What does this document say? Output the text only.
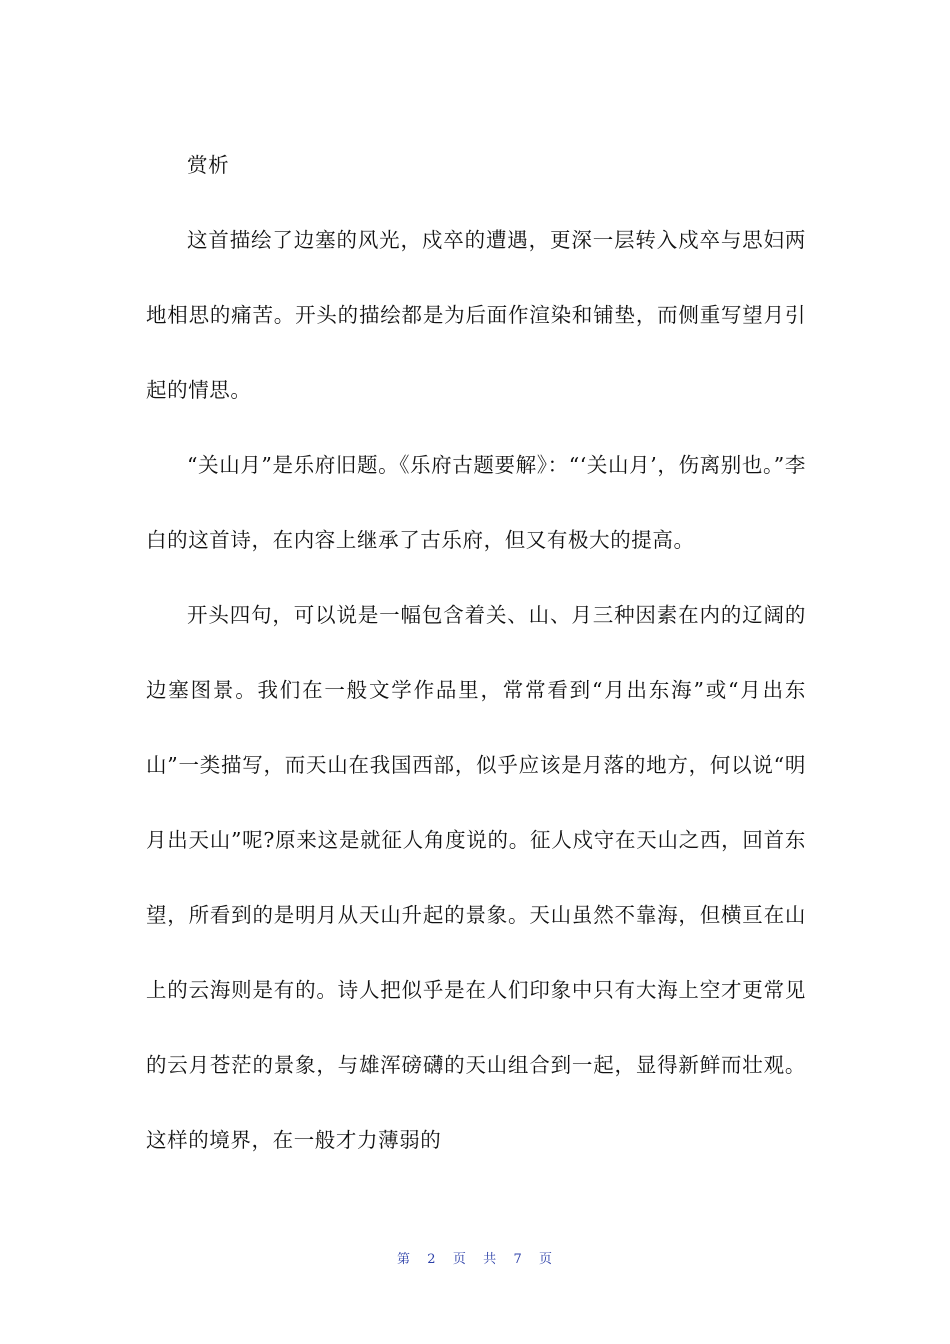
赏析

这首描绘了边塞的风光，戍卒的遭遇，更深一层转入戍卒与思妇两地相思的痛苦。开头的描绘都是为后面作渲染和铺垫，而侧重写望月引起的情思。

“关山月”是乐府旧题。《乐府古题要解》：“‘关山月’，伤离别也。”李白的这首诗，在内容上继承了古乐府，但又有极大的提高。

开头四句，可以说是一幅包含着关、山、月三种因素在内的辽阔的边塞图景。我们在一般文学作品里，常常看到“月出东海”或“月出东山”一类描写，而天山在我国西部，似乎应该是月落的地方，何以说“明月出天山”呢?原来这是就征人角度说的。征人戍守在天山之西，回首东望，所看到的是明月从天山升起的景象。天山虽然不靠海，但横亘在山上的云海则是有的。诗人把似乎是在人们印象中只有大海上空才更常见的云月苍茫的景象，与雄浑磅礴的天山组合到一起，显得新鲜而壮观。这样的境界，在一般才力薄弱的

第 2 页 共 7 页
